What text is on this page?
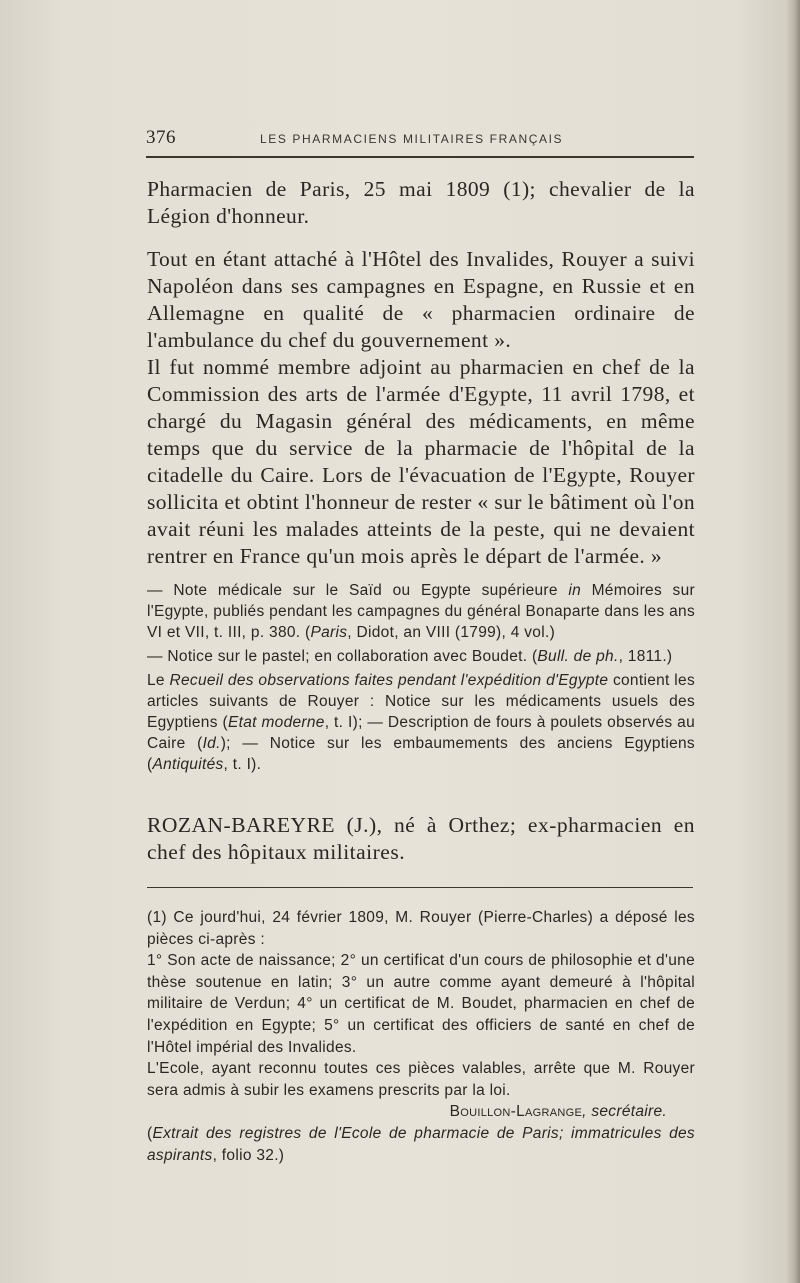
376	LES PHARMACIENS MILITAIRES FRANÇAIS

Pharmacien de Paris, 25 mai 1809 (1); chevalier de la Légion d'honneur.

Tout en étant attaché à l'Hôtel des Invalides, Rouyer a suivi Napoléon dans ses campagnes en Espagne, en Russie et en Allemagne en qualité de « pharmacien ordinaire de l'ambulance du chef du gouvernement ».

Il fut nommé membre adjoint au pharmacien en chef de la Commission des arts de l'armée d'Egypte, 11 avril 1798, et chargé du Magasin général des médicaments, en même temps que du service de la pharmacie de l'hôpital de la citadelle du Caire. Lors de l'évacuation de l'Egypte, Rouyer sollicita et obtint l'honneur de rester « sur le bâtiment où l'on avait réuni les malades atteints de la peste, qui ne devaient rentrer en France qu'un mois après le départ de l'armée. »

— Note médicale sur le Saïd ou Egypte supérieure in Mémoires sur l'Egypte, publiés pendant les campagnes du général Bonaparte dans les ans VI et VII, t. III, p. 380. (Paris, Didot, an VIII (1799), 4 vol.)

— Notice sur le pastel; en collaboration avec Boudet. (Bull. de ph., 1811.)

Le Recueil des observations faites pendant l'expédition d'Egypte contient les articles suivants de Rouyer : Notice sur les médicaments usuels des Egyptiens (Etat moderne, t. I); — Description de fours à poulets observés au Caire (Id.); — Notice sur les embaumements des anciens Egyptiens (Antiquités, t. I).

ROZAN-BAREYRE (J.), né à Orthez; ex-pharmacien en chef des hôpitaux militaires.

(1) Ce jourd'hui, 24 février 1809, M. Rouyer (Pierre-Charles) a déposé les pièces ci-après :

1° Son acte de naissance; 2° un certificat d'un cours de philosophie et d'une thèse soutenue en latin; 3° un autre comme ayant demeuré à l'hôpital militaire de Verdun; 4° un certificat de M. Boudet, pharmacien en chef de l'expédition en Egypte; 5° un certificat des officiers de santé en chef de l'Hôtel impérial des Invalides.

L'Ecole, ayant reconnu toutes ces pièces valables, arrête que M. Rouyer sera admis à subir les examens prescrits par la loi.

Bouillon-Lagrange, secrétaire.

(Extrait des registres de l'Ecole de pharmacie de Paris; immatricules des aspirants, folio 32.)
